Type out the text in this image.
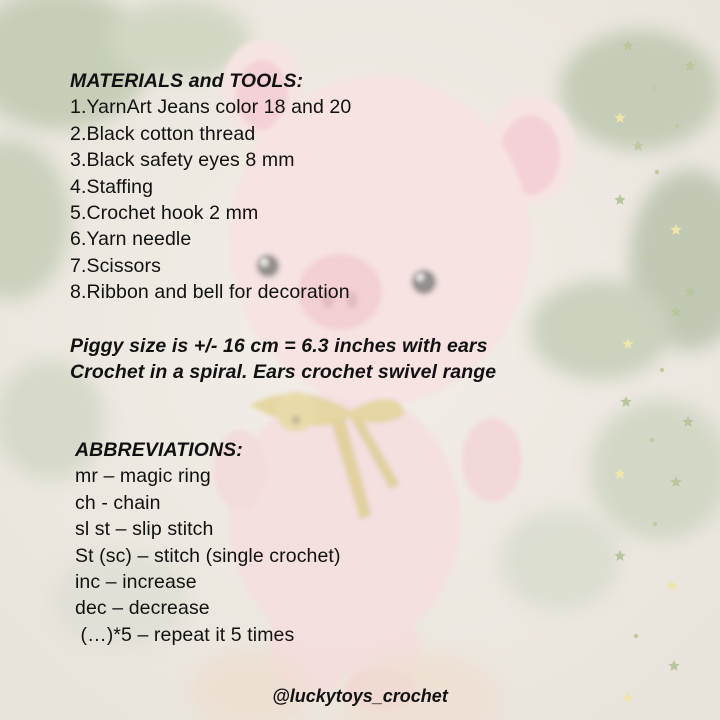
MATERIALS and TOOLS:
1.YarnArt Jeans color 18 and 20
2.Black cotton thread
3.Black safety eyes 8 mm
4.Staffing
5.Crochet hook 2 mm
6.Yarn needle
7.Scissors
8.Ribbon and bell for decoration
Piggy size is +/- 16 cm = 6.3 inches with ears
Crochet in a spiral. Ears crochet swivel range
ABBREVIATIONS:
mr – magic ring
ch - chain
sl st – slip stitch
St (sc) – stitch (single crochet)
inc – increase
dec – decrease
(…)*5 – repeat it 5 times
@luckytoys_crochet
